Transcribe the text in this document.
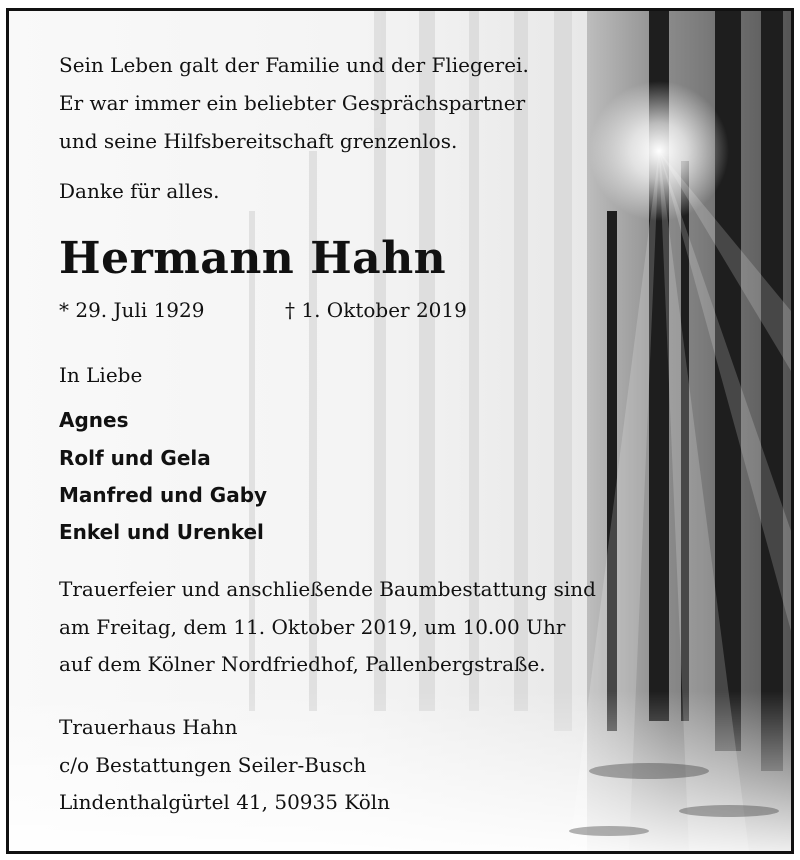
Sein Leben galt der Familie und der Fliegerei.
Er war immer ein beliebter Gesprächspartner
und seine Hilfsbereitschaft grenzenlos.
Danke für alles.
Hermann Hahn
* 29. Juli 1929	† 1. Oktober 2019
In Liebe
Agnes
Rolf und Gela
Manfred und Gaby
Enkel und Urenkel
Trauerfeier und anschließende Baumbestattung sind
am Freitag, dem 11. Oktober 2019, um 10.00 Uhr
auf dem Kölner Nordfriedhof, Pallenbergstraße.
Trauerhaus Hahn
c/o Bestattungen Seiler-Busch
Lindenthalgürtel 41, 50935 Köln
